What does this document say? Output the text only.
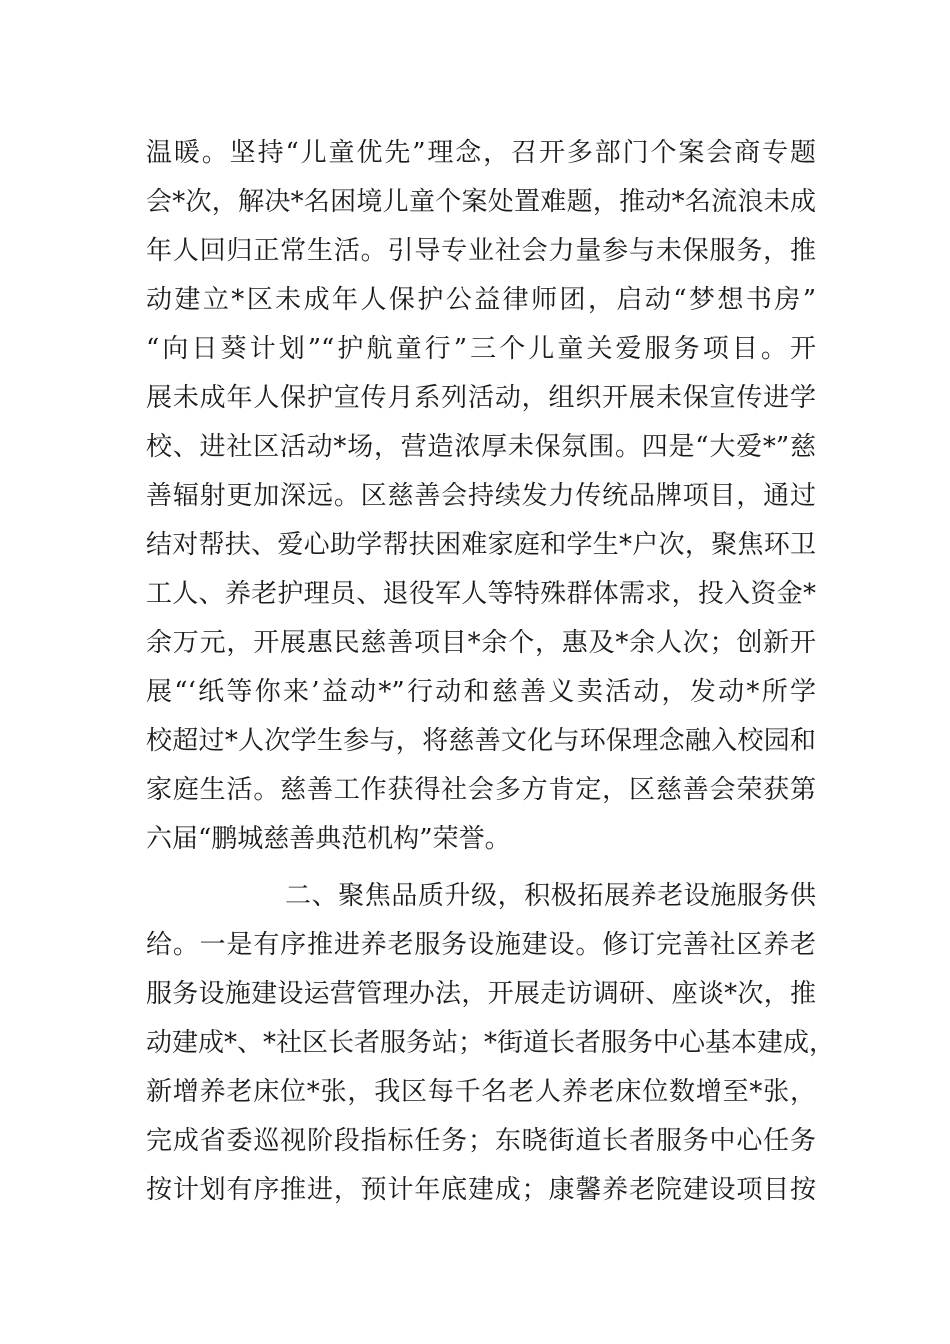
温暖。坚持“儿童优先”理念，召开多部门个案会商专题
会*次，解决*名困境儿童个案处置难题，推动*名流浪未成
年人回归正常生活。引导专业社会力量参与未保服务，推
动建立*区未成年人保护公益律师团，启动“梦想书房”
“向日葵计划”“护航童行”三个儿童关爱服务项目。开
展未成年人保护宣传月系列活动，组织开展未保宣传进学
校、进社区活动*场，营造浓厚未保氛围。四是“大爱*”慈
善辐射更加深远。区慈善会持续发力传统品牌项目，通过
结对帮扶、爱心助学帮扶困难家庭和学生*户次，聚焦环卫
工人、养老护理员、退役军人等特殊群体需求，投入资金*
余万元，开展惠民慈善项目*余个，惠及*余人次；创新开
展“‘纸等你来’益动*”行动和慈善义卖活动，发动*所学
校超过*人次学生参与，将慈善文化与环保理念融入校园和
家庭生活。慈善工作获得社会多方肯定，区慈善会荣获第
六届“鹏城慈善典范机构”荣誉。
二、聚焦品质升级，积极拓展养老设施服务供
给。一是有序推进养老服务设施建设。修订完善社区养老
服务设施建设运营管理办法，开展走访调研、座谈*次，推
动建成*、*社区长者服务站；*街道长者服务中心基本建成，
新增养老床位*张，我区每千名老人养老床位数增至*张，
完成省委巡视阶段指标任务；东晓街道长者服务中心任务
按计划有序推进，预计年底建成；康馨养老院建设项目按
